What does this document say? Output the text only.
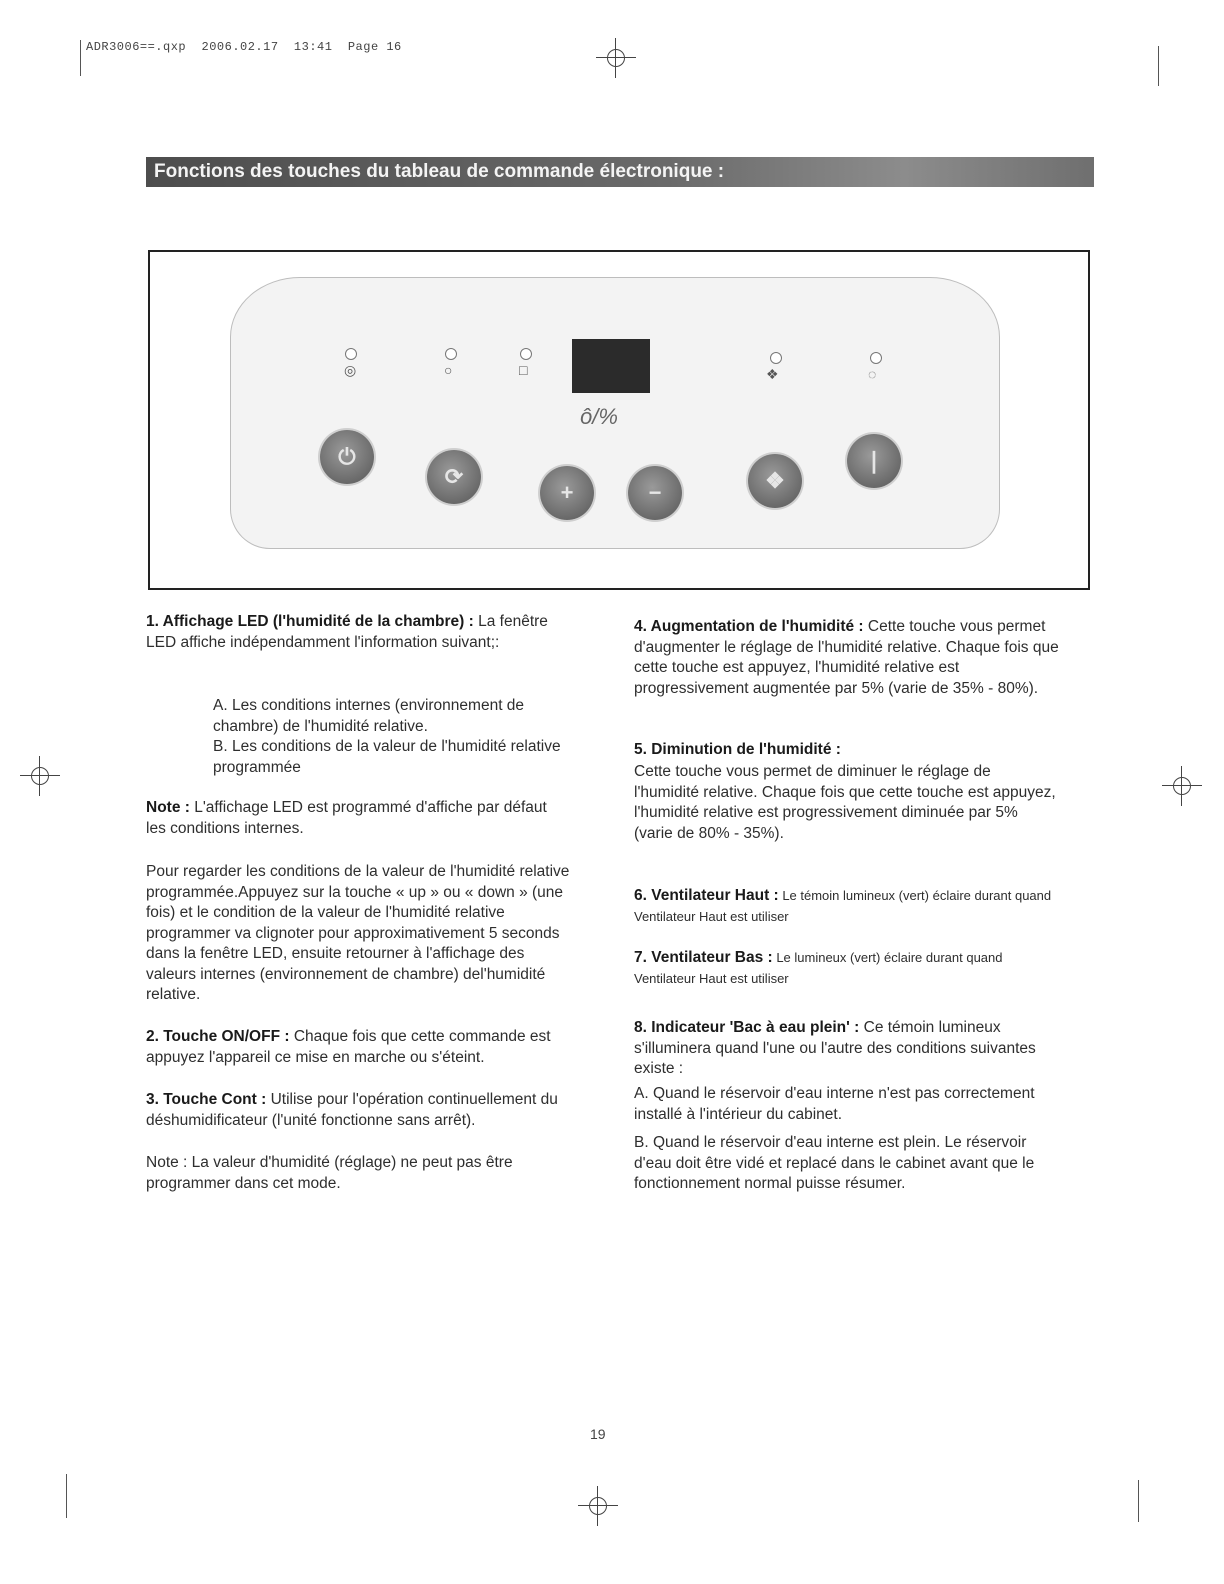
ADR3006==.qxp  2006.02.17  13:41  Page 16
Fonctions des touches du tableau de commande électronique :
◎	○	□	❖	◌
ô/%
⏻
⟳
+	−	❖
❘
1. Affichage LED (l'humidité de la chambre) : La fenêtre LED affiche indépendamment l'information suivant;:
A. Les conditions internes (environnement de chambre) de l'humidité relative.
B. Les conditions de la valeur de l'humidité relative programmée
Note : L'affichage LED est programmé d'affiche par défaut les conditions internes.
Pour regarder les conditions de la valeur de l'humidité relative programmée.Appuyez sur la touche « up » ou « down » (une fois) et le condition de la valeur de l'humidité relative programmer va clignoter pour approximativement 5 seconds dans la fenêtre LED, ensuite retourner à l'affichage des valeurs internes (environnement de chambre) del'humidité relative.
2. Touche ON/OFF : Chaque fois que cette commande est appuyez l'appareil ce mise en marche ou s'éteint.
3. Touche Cont : Utilise pour l'opération continuellement du déshumidificateur (l'unité fonctionne sans arrêt).
Note : La valeur d'humidité (réglage) ne peut pas être programmer dans cet mode.
4. Augmentation de l'humidité : Cette touche vous permet d'augmenter le réglage de l'humidité relative. Chaque fois que cette touche est appuyez, l'humidité relative est progressivement augmentée par 5% (varie de 35% - 80%).
5. Diminution de l'humidité :
Cette touche vous permet de diminuer le réglage de l'humidité relative. Chaque fois que cette touche est appuyez, l'humidité relative est progressivement diminuée par 5% (varie de 80% - 35%).
6. Ventilateur Haut : Le témoin lumineux (vert) éclaire durant quand Ventilateur Haut est utiliser
7. Ventilateur Bas : Le lumineux (vert) éclaire durant quand Ventilateur Haut est utiliser
8. Indicateur 'Bac à eau plein' : Ce témoin lumineux s'illuminera quand l'une ou l'autre des conditions suivantes existe :
A. Quand le réservoir d'eau interne n'est pas correctement installé à l'intérieur du cabinet.
B. Quand le réservoir d'eau interne est plein. Le réservoir d'eau doit être vidé et replacé dans le cabinet avant que le fonctionnement normal puisse résumer.
19
